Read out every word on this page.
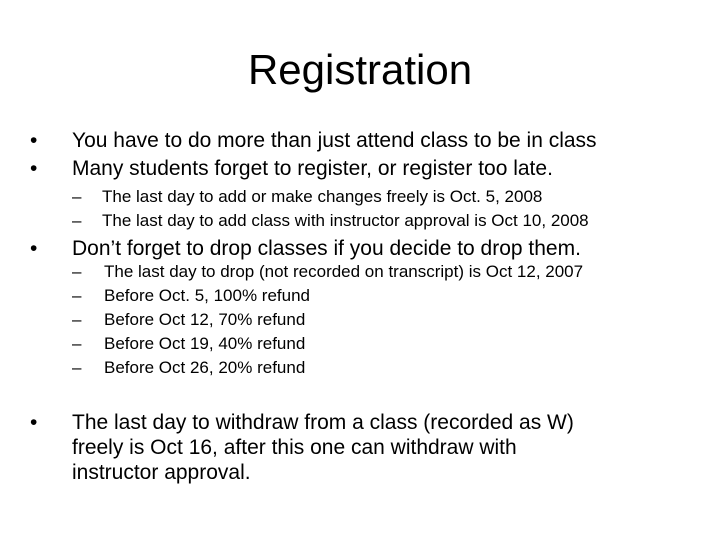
Registration
• You have to do more than just attend class to be in class
• Many students forget to register, or register too late.
– The last day to add or make changes freely is Oct. 5, 2008
– The last day to add class with instructor approval is Oct 10, 2008
• Don’t forget to drop classes if you decide to drop them.
– The last day to drop (not recorded on transcript) is Oct 12, 2007
– Before Oct. 5, 100% refund
– Before Oct 12, 70% refund
– Before Oct 19, 40% refund
– Before Oct 26, 20% refund
• The last day to withdraw from a class (recorded as W)
freely is Oct 16, after this one can withdraw with
instructor approval.
